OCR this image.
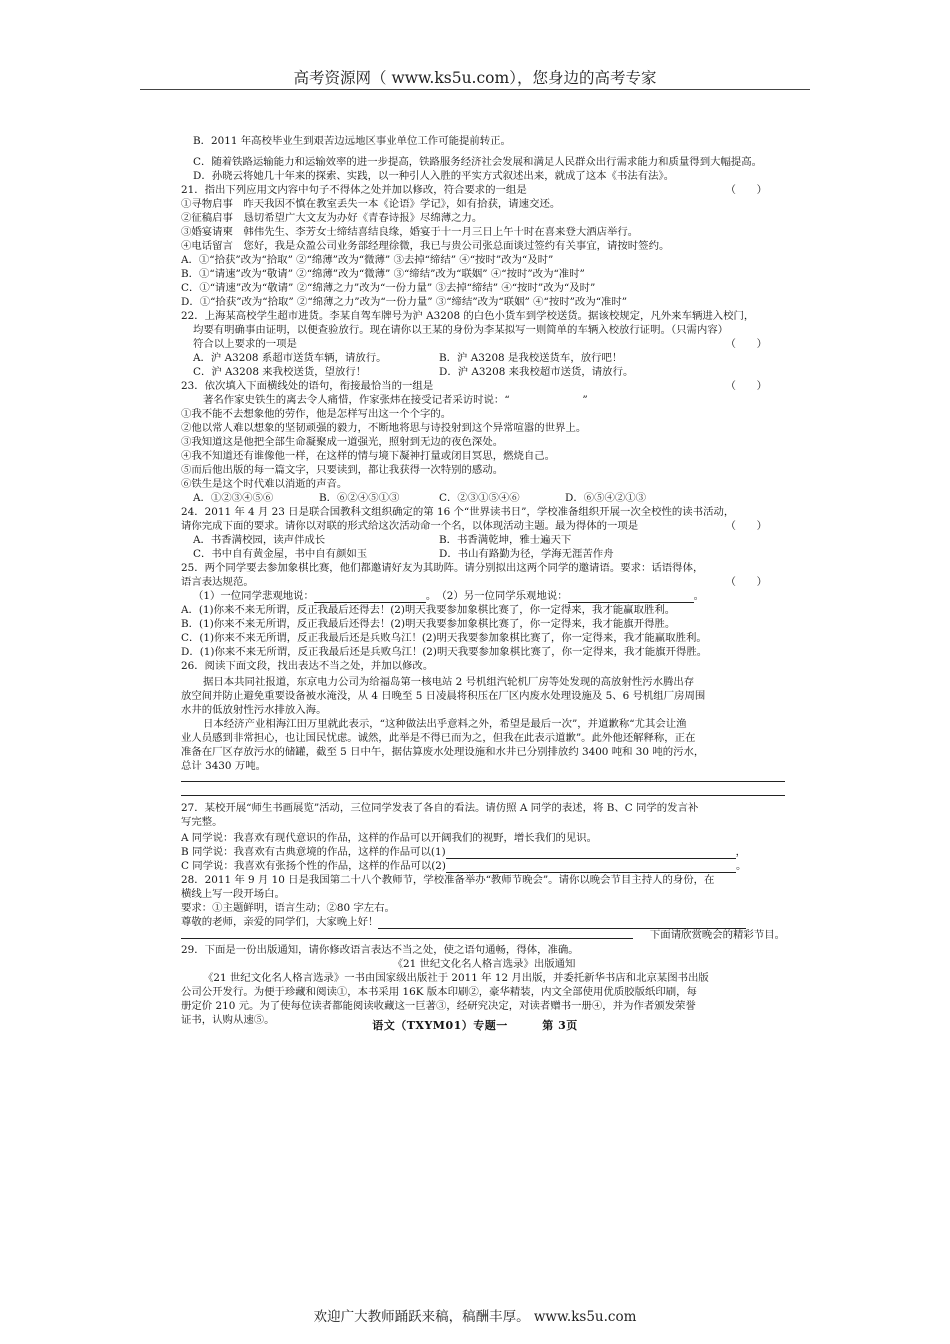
高考资源网（ www.ks5u.com），您身边的高考专家
B．2011 年高校毕业生到艰苦边远地区事业单位工作可能提前转正。
C．随着铁路运输能力和运输效率的进一步提高，铁路服务经济社会发展和满足人民群众出行需求能力和质量得到大幅提高。
D．孙晓云将她几十年来的探索、实践，以一种引人入胜的平实方式叙述出来，就成了这本《书法有法》。
21．指出下列应用文内容中句子不得体之处并加以修改，符合要求的一组是	（　　）
①寻物启事　昨天我因不慎在教室丢失一本《论语》学记》，如有拾获，请速交还。
②征稿启事　恳切希望广大文友为办好《青春诗报》尽绵薄之力。
③婚宴请柬　韩伟先生、李芳女士缔结喜结良缘，婚宴于十一月三日上午十时在喜来登大酒店举行。
④电话留言　您好，我是众盈公司业务部经理徐微，我已与贵公司张总面谈过签约有关事宜，请按时签约。
A．①“拾获”改为“拾取” ②“绵薄”改为“微薄” ③去掉“缔结” ④“按时”改为“及时”
B．①“请速”改为“敬请” ②“绵薄”改为“微薄” ③“缔结”改为“联姻” ④“按时”改为“准时”
C．①“请速”改为“敬请” ②“绵薄之力”改为“一份力量” ③去掉“缔结” ④“按时”改为“及时”
D．①“拾获”改为“拾取” ②“绵薄之力”改为“一份力量” ③“缔结”改为“联姻” ④“按时”改为“准时”
22．上海某高校学生超市进货。李某自驾车牌号为沪 A3208 的白色小货车到学校送货。据该校规定，凡外来车辆进入校门，
均要有明确事由证明，以便查验放行。现在请你以王某的身份为李某拟写一则简单的车辆入校放行证明。（只需内容）
符合以上要求的一项是	（　　）
A．沪 A3208 系超市送货车辆，请放行。	B．沪 A3208 是我校送货车，放行吧！
C．沪 A3208 来我校送货，望放行！	D．沪 A3208 来我校超市送货，请放行。
23．依次填入下面横线处的语句，衔接最恰当的一组是	（　　）
著名作家史铁生的离去令人痛惜，作家张炜在接受记者采访时说：“　　　　　　　”
①我不能不去想象他的劳作，他是怎样写出这一个个字的。
②他以常人难以想象的坚韧顽强的毅力，不断地将思与诗投射到这个异常喧嚣的世界上。
③我知道这是他把全部生命凝聚成一道强光，照射到无边的夜色深处。
④我不知道还有谁像他一样，在这样的情与境下凝神打量或闭目冥思，燃烧自己。
⑤而后他出版的每一篇文字，只要读到，都让我获得一次特别的感动。
⑥铁生是这个时代难以消逝的声音。
A．①②③④⑤⑥	B．⑥②④⑤①③	C．②③①⑤④⑥	D．⑥⑤④②①③
24．2011 年 4 月 23 日是联合国教科文组织确定的第 16 个“世界读书日”，学校准备组织开展一次全校性的读书活动，
请你完成下面的要求。请你以对联的形式给这次活动命一个名，以体现活动主题。最为得体的一项是	（　　）
A．书香满校园，读声伴成长	B．书香满乾坤，雅士遍天下
C．书中自有黄金屋，书中自有颜如玉	D．书山有路勤为径，学海无涯苦作舟
25．两个同学要去参加象棋比赛，他们都邀请好友为其助阵。请分别拟出这两个同学的邀请语。要求：话语得体，
语言表达规范。	（　　）
（1）一位同学悲观地说：	。　（2）另一位同学乐观地说：	。
A．(1)你来不来无所谓，反正我最后还得去！(2)明天我要参加象棋比赛了，你一定得来，我才能赢取胜利。
B．(1)你来不来无所谓，反正我最后还得去！(2)明天我要参加象棋比赛了，你一定得来，我才能旗开得胜。
C．(1)你来不来无所谓，反正我最后还是兵败乌江！(2)明天我要参加象棋比赛了，你一定得来，我才能赢取胜利。
D．(1)你来不来无所谓，反正我最后还是兵败乌江！(2)明天我要参加象棋比赛了，你一定得来，我才能旗开得胜。
26．阅读下面文段，找出表达不当之处，并加以修改。
据日本共同社报道，东京电力公司为给福岛第一核电站 2 号机组汽轮机厂房等处发现的高放射性污水腾出存
放空间并防止避免重要设备被水淹没，从 4 日晚至 5 日凌晨将积压在厂区内废水处理设施及 5、6 号机组厂房周围
水井的低放射性污水排放入海。
日本经济产业相海江田万里就此表示，“这种做法出乎意料之外，希望是最后一次”，并道歉称“尤其会让渔
业人员感到非常担心，也让国民忧虑。诚然，此举是不得已而为之，但我在此表示道歉”。此外他还解释称，正在
准备在厂区存放污水的储罐，截至 5 日中午，据估算废水处理设施和水井已分别排放约 3400 吨和 30 吨的污水，
总计 3430 万吨。
27．某校开展“师生书画展览”活动，三位同学发表了各自的看法。请仿照 A 同学的表述，将 B、C 同学的发言补
写完整。
A 同学说：我喜欢有现代意识的作品，这样的作品可以开阔我们的视野，增长我们的见识。
B 同学说：我喜欢有古典意境的作品，这样的作品可以(1)	，
C 同学说：我喜欢有张扬个性的作品，这样的作品可以(2)	。
28．2011 年 9 月 10 日是我国第二十八个教师节，学校准备举办“教师节晚会”。请你以晚会节目主持人的身份，在
横线上写一段开场白。
要求：①主题鲜明，语言生动；②80 字左右。
尊敬的老师，亲爱的同学们，大家晚上好！
下面请欣赏晚会的精彩节目。
29．下面是一份出版通知，请你修改语言表达不当之处，使之语句通畅，得体，准确。
《21 世纪文化名人格言选录》出版通知
《21 世纪文化名人格言选录》一书由国家级出版社于 2011 年 12 月出版，并委托新华书店和北京某图书出版
公司公开发行。为便于珍藏和阅读①，本书采用 16K 版本印刷②，豪华精装，内文全部使用优质胶版纸印刷，每
册定价 210 元。为了使每位读者都能阅读收藏这一巨著③，经研究决定，对读者赠书一册④，并为作者颁发荣誉
证书，认购从速⑤。	语文（TXYM01）专题一　　　第 3页
欢迎广大教师踊跃来稿，稿酬丰厚。 www.ks5u.com
